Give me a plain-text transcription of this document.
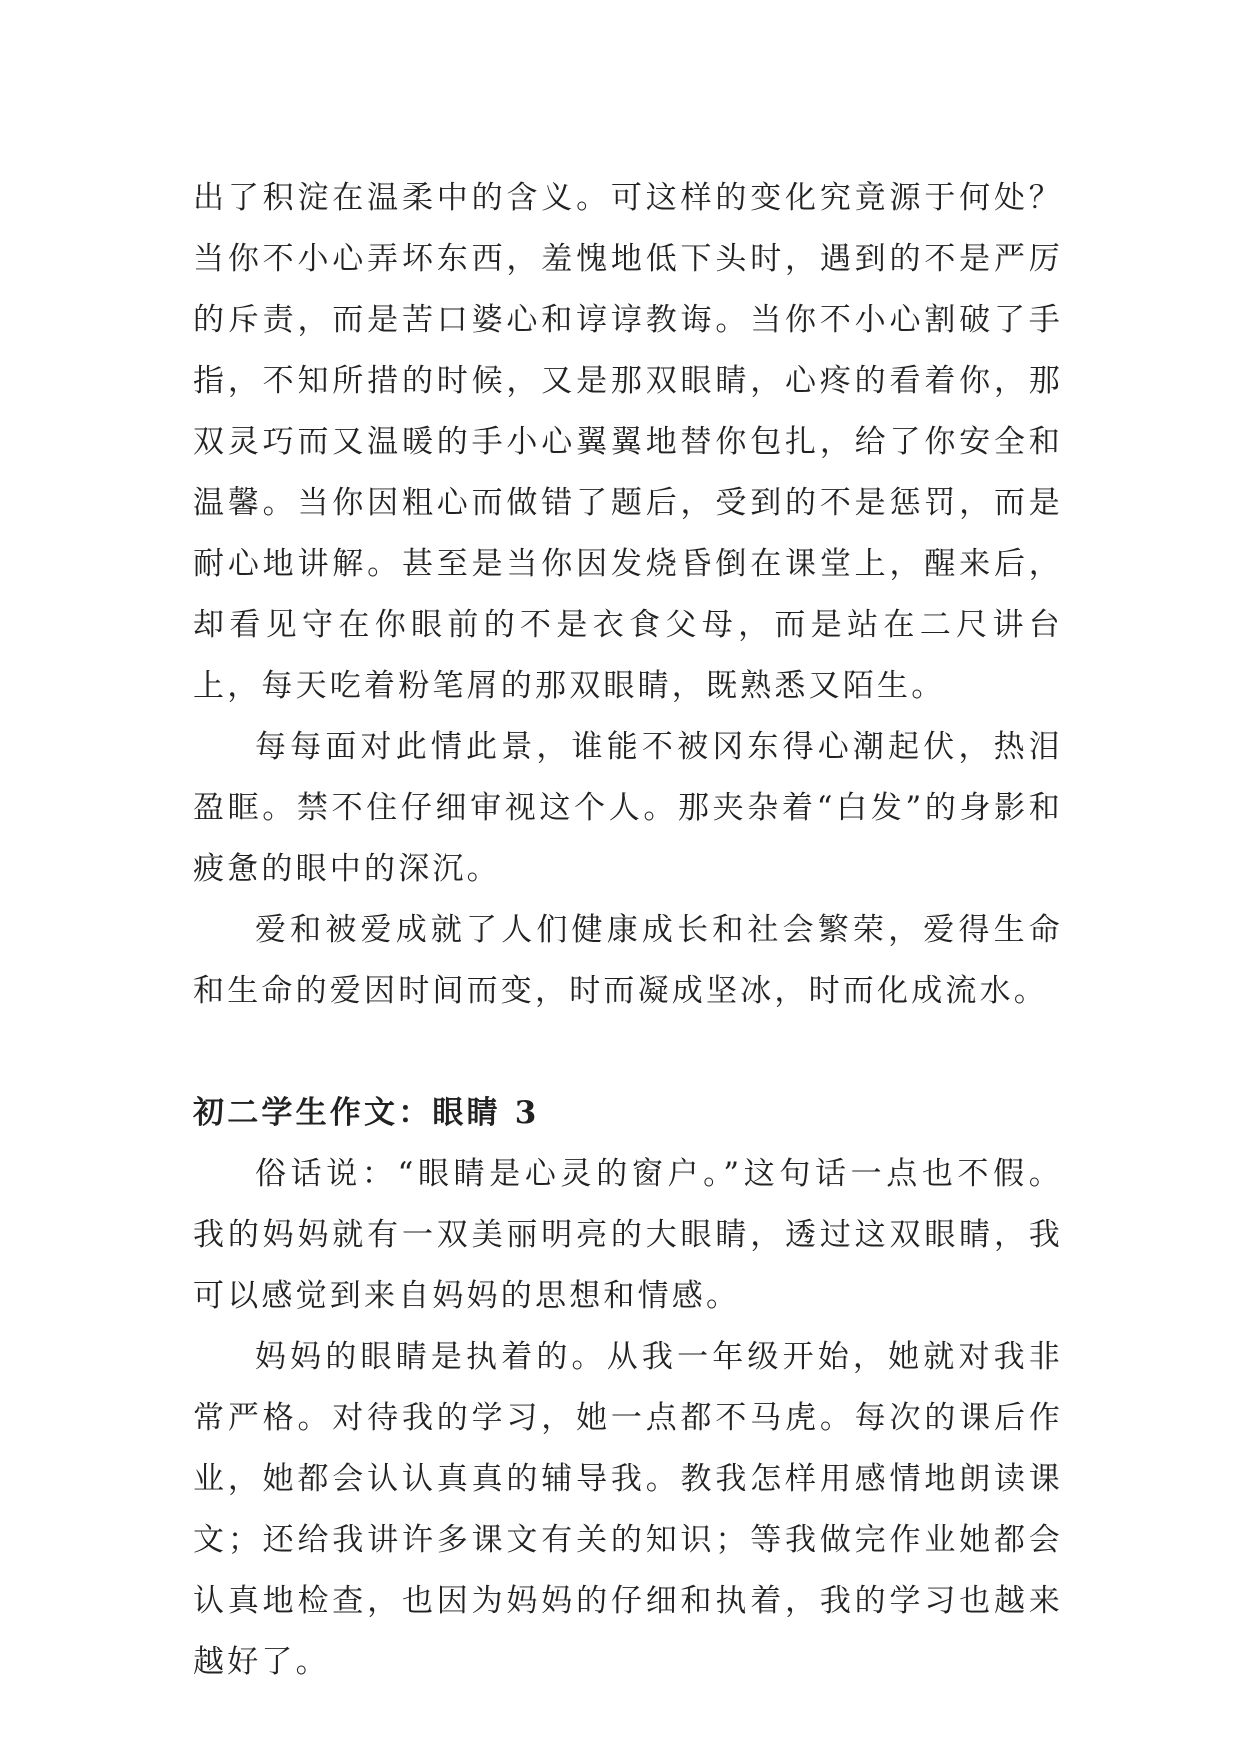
出了积淀在温柔中的含义。可这样的变化究竟源于何处？当你不小心弄坏东西，羞愧地低下头时，遇到的不是严厉的斥责，而是苦口婆心和谆谆教诲。当你不小心割破了手指，不知所措的时候，又是那双眼睛，心疼的看着你，那双灵巧而又温暖的手小心翼翼地替你包扎，给了你安全和温馨。当你因粗心而做错了题后，受到的不是惩罚，而是耐心地讲解。甚至是当你因发烧昏倒在课堂上，醒来后，却看见守在你眼前的不是衣食父母，而是站在二尺讲台上，每天吃着粉笔屑的那双眼睛，既熟悉又陌生。

每每面对此情此景，谁能不被冈东得心潮起伏，热泪盈眶。禁不住仔细审视这个人。那夹杂着“白发”的身影和疲惫的眼中的深沉。

爱和被爱成就了人们健康成长和社会繁荣，爱得生命和生命的爱因时间而变，时而凝成坚冰，时而化成流水。

初二学生作文：眼睛 3

俗话说：“眼睛是心灵的窗户。”这句话一点也不假。我的妈妈就有一双美丽明亮的大眼睛，透过这双眼睛，我可以感觉到来自妈妈的思想和情感。

妈妈的眼睛是执着的。从我一年级开始，她就对我非常严格。对待我的学习，她一点都不马虎。每次的课后作业，她都会认认真真的辅导我。教我怎样用感情地朗读课文；还给我讲许多课文有关的知识；等我做完作业她都会认真地检查，也因为妈妈的仔细和执着，我的学习也越来越好了。
